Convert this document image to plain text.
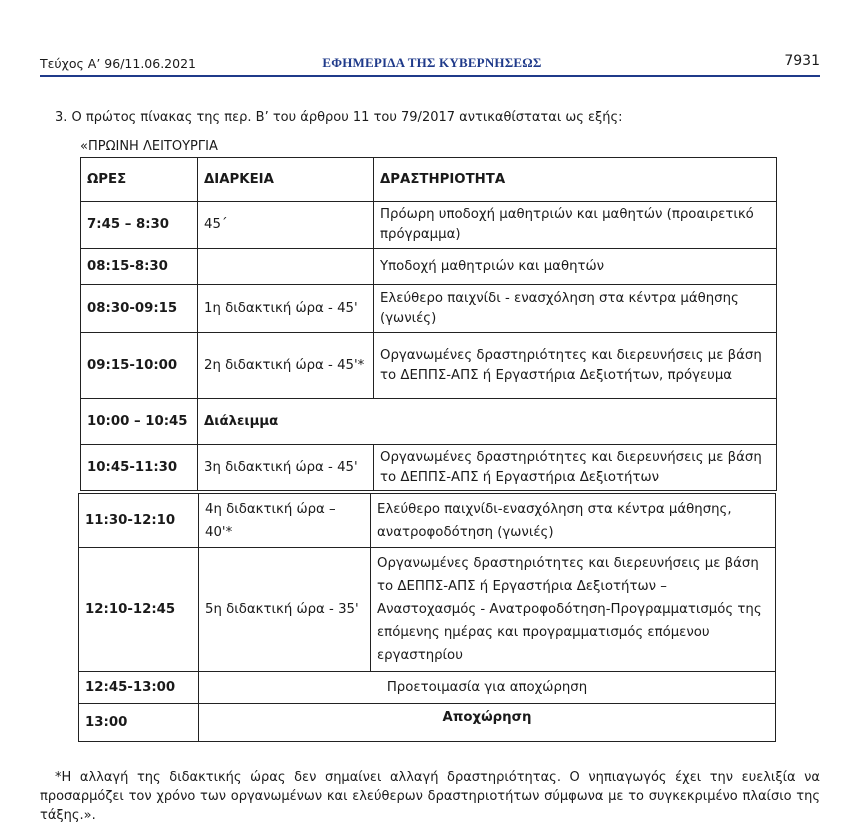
Τεύχος Α’ 96/11.06.2021	ΕΦΗΜΕΡΙΔΑ ΤΗΣ ΚΥΒΕΡΝΗΣΕΩΣ	7931
3. Ο πρώτος πίνακας της περ. Β’ του άρθρου 11 του 79/2017 αντικαθίσταται ως εξής:
«ΠΡΩΙΝΗ ΛΕΙΤΟΥΡΓΙΑ
ΩΡΕΣ	ΔΙΑΡΚΕΙΑ	ΔΡΑΣΤΗΡΙΟΤΗΤΑ
7:45 – 8:30	45΄	Πρόωρη υποδοχή μαθητριών και μαθητών (προαιρετικό πρόγραμμα)
08:15-8:30		Υποδοχή μαθητριών και μαθητών
08:30-09:15	1η διδακτική ώρα - 45'	Ελεύθερο παιχνίδι - ενασχόληση στα κέντρα μάθησης (γωνιές)
09:15-10:00	2η διδακτική ώρα - 45'*	Οργανωμένες δραστηριότητες και διερευνήσεις με βάση το ΔΕΠΠΣ-ΑΠΣ ή Εργαστήρια Δεξιοτήτων, πρόγευμα
10:00 – 10:45	Διάλειμμα	
10:45-11:30	3η διδακτική ώρα - 45'	Οργανωμένες δραστηριότητες και διερευνήσεις με βάση το ΔΕΠΠΣ-ΑΠΣ ή Εργαστήρια Δεξιοτήτων
11:30-12:10	4η διδακτική ώρα – 40'*	Ελεύθερο παιχνίδι-ενασχόληση στα κέντρα μάθησης, ανατροφοδότηση (γωνιές)
12:10-12:45	5η διδακτική ώρα - 35'	Οργανωμένες δραστηριότητες και διερευνήσεις με βάση το ΔΕΠΠΣ-ΑΠΣ ή Εργαστήρια Δεξιοτήτων – Αναστοχασμός - Ανατροφοδότηση-Προγραμματισμός της επόμενης ημέρας και προγραμματισμός επόμενου εργαστηρίου
12:45-13:00	Προετοιμασία για αποχώρηση	
13:00	Αποχώρηση	
*Η αλλαγή της διδακτικής ώρας δεν σημαίνει αλλαγή δραστηριότητας. Ο νηπιαγωγός έχει την ευελιξία να προσαρμόζει τον χρόνο των οργανωμένων και ελεύθερων δραστηριοτήτων σύμφωνα με το συγκεκριμένο πλαίσιο της τάξης.».
